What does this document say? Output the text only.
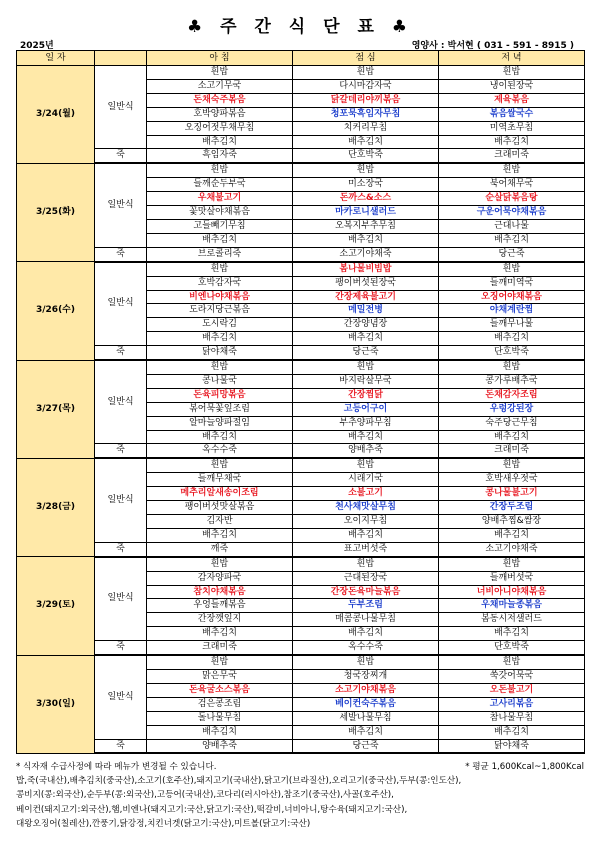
♣ 주 간 식 단 표 ♣
2025년	영양사 : 박서현 ( 031 - 591 - 8915 )
일 자		아 침	점 심	저 녁
3/24(월)	일반식	흰밥	흰밥	흰밥
		소고기무국	다시마감자국	냉이된장국
		돈채숙주볶음	닭갈데리야끼볶음	제육볶음
		호박양파볶음	청포묵흑임자무침	볶음쌀국수
		오징어젓무채무침	치커리무침	미역초무침
		배추김치	배추김치	배추김치
	죽	흑임자죽	단호박죽	크래미죽
3/25(화)	일반식	흰밥	흰밥	흰밥
		들깨순두부국	미소장국	북어채무국
		우채불고기	돈까스&소스	순살닭볶음탕
		꽃맛살야채볶음	마카로니샐러드	구운어묵야채볶음
		고들빼기무침	오복지부추무침	근대나물
		배추김치	배추김치	배추김치
	죽	브로콜리죽	소고기야채죽	당근죽
3/26(수)	일반식	흰밥	봄나물비빔밥	흰밥
		호박감자국	팽이버섯된장국	들깨미역국
		비엔나야채볶음	간장제육불고기	오징어야채볶음
		도라지당근볶음	메밀전병	야채계란찜
		도시락김	간장양념장	들깨무나물
		배추김치	배추김치	배추김치
	죽	닭야채죽	당근죽	단호박죽
3/27(목)	일반식	흰밥	흰밥	흰밥
		콩나물국	바지락살무국	콩가루배추국
		돈육피망볶음	간장찜닭	돈채감자조림
		볶어묵꽃잎조림	고등어구이	우렁강된장
		알마늘양파절임	부추양파무침	숙주당근무침
		배추김치	배추김치	배추김치
	죽	옥수수죽	양배추죽	크래미죽
3/28(금)	일반식	흰밥	흰밥	흰밥
		들깨무채국	시래기국	호박새우젓국
		메추리알새송이조림	소불고기	콩나물불고기
		팽이버섯맛살볶음	천사채맛살무침	간장두조림
		김자반	오이지무침	양배추찜&쌈장
		배추김치	배추김치	배추김치
	죽	깨죽	표고버섯죽	소고기야채죽
3/29(토)	일반식	흰밥	흰밥	흰밥
		감자양파국	근대된장국	들깨버섯국
		참치야채볶음	간장돈육마늘볶음	너비아니야채볶음
		우엉들깨볶음	두부조림	우채마늘종볶음
		간장깻잎지	매콤콩나물무침	봄동시저샐러드
		배추김치	배추김치	배추김치
	죽	크래미죽	옥수수죽	단호박죽
3/30(일)	일반식	흰밥	흰밥	흰밥
		맑은무국	청국장찌개	쑥갓어묵국
		돈육굴소스볶음	소고기야채볶음	오돈불고기
		검은콩조림	베이컨숙주볶음	고사리볶음
		돌나물무침	세발나물무침	참나물무침
		배추김치	배추김치	배추김치
	죽	양배추죽	당근죽	닭야채죽
* 식자재 수급사정에 따라 메뉴가 변경될 수 있습니다.	* 평균 1,600Kcal~1,800Kcal
밥,죽(국내산),배추김치(중국산),소고기(호주산),돼지고기(국내산),닭고기(브라질산),오리고기(중국산),두부(콩:인도산),
콩비지(콩:외국산),순두부(콩:외국산),고등어(국내산),코다리(러시아산),참조기(중국산),사골(호주산),
베이컨(돼지고기:외국산),햄,비엔나(돼지고기:국산,닭고기:국산),떡갈비,너비아니,탕수육(돼지고기:국산),
대왕오징어(칠레산),깐풍기,닭강정,치킨너겟(닭고기:국산),미트볼(닭고기:국산)
